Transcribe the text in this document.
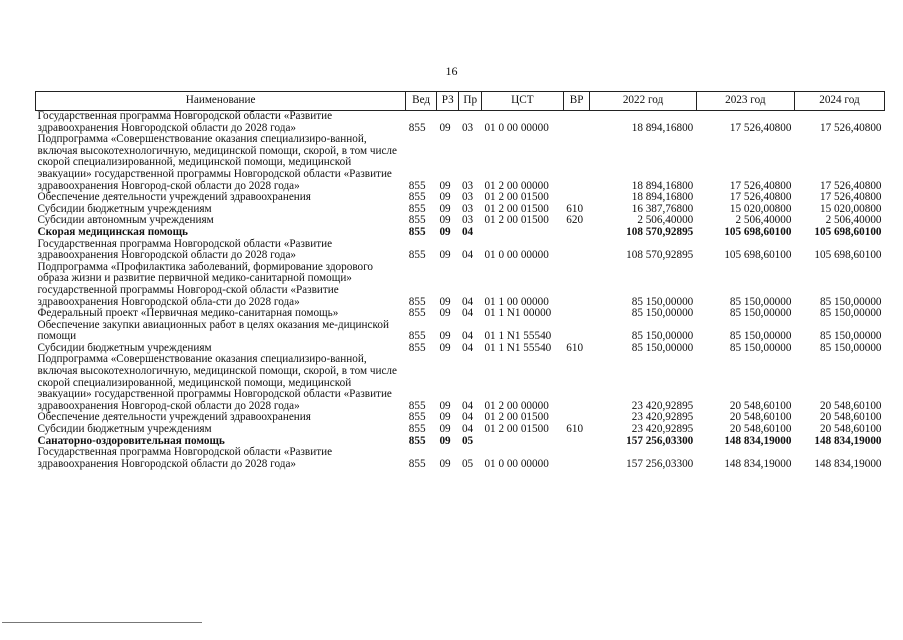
16
Наименование	Вед	РЗ	Пр	ЦСТ	ВР	2022 год	2023 год	2024 год
Государственная программа Новгородской области «Развитие здравоохранения Новгородской области до 2028 года»	855	09	03	01 0 00 00000		18 894,16800	17 526,40800	17 526,40800
Подпрограмма «Совершенствование оказания специализиро-ванной, включая высокотехнологичную, медицинской помощи, скорой, в том числе скорой специализированной, медицинской помощи, медицинской эвакуации» государственной программы Новгородской области «Развитие здравоохранения Новгород-ской области до 2028 года»	855	09	03	01 2 00 00000		18 894,16800	17 526,40800	17 526,40800
Обеспечение деятельности учреждений здравоохранения	855	09	03	01 2 00 01500		18 894,16800	17 526,40800	17 526,40800
Субсидии бюджетным учреждениям	855	09	03	01 2 00 01500	610	16 387,76800	15 020,00800	15 020,00800
Субсидии автономным учреждениям	855	09	03	01 2 00 01500	620	2 506,40000	2 506,40000	2 506,40000
Скорая медицинская помощь	855	09	04			108 570,92895	105 698,60100	105 698,60100
Государственная программа Новгородской области «Развитие здравоохранения Новгородской области до 2028 года»	855	09	04	01 0 00 00000		108 570,92895	105 698,60100	105 698,60100
Подпрограмма «Профилактика заболеваний, формирование здорового образа жизни и развитие первичной медико-санитарной помощи» государственной программы Новгород-ской области «Развитие здравоохранения Новгородской обла-сти до 2028 года»	855	09	04	01 1 00 00000		85 150,00000	85 150,00000	85 150,00000
Федеральный проект «Первичная медико-санитарная помощь»	855	09	04	01 1 N1 00000		85 150,00000	85 150,00000	85 150,00000
Обеспечение закупки авиационных работ в целях оказания ме-дицинской помощи	855	09	04	01 1 N1 55540		85 150,00000	85 150,00000	85 150,00000
Субсидии бюджетным учреждениям	855	09	04	01 1 N1 55540	610	85 150,00000	85 150,00000	85 150,00000
Подпрограмма «Совершенствование оказания специализиро-ванной, включая высокотехнологичную, медицинской помощи, скорой, в том числе скорой специализированной, медицинской помощи, медицинской эвакуации» государственной программы Новгородской области «Развитие здравоохранения Новгород-ской области до 2028 года»	855	09	04	01 2 00 00000		23 420,92895	20 548,60100	20 548,60100
Обеспечение деятельности учреждений здравоохранения	855	09	04	01 2 00 01500		23 420,92895	20 548,60100	20 548,60100
Субсидии бюджетным учреждениям	855	09	04	01 2 00 01500	610	23 420,92895	20 548,60100	20 548,60100
Санаторно-оздоровительная помощь	855	09	05			157 256,03300	148 834,19000	148 834,19000
Государственная программа Новгородской области «Развитие здравоохранения Новгородской области до 2028 года»	855	09	05	01 0 00 00000		157 256,03300	148 834,19000	148 834,19000
